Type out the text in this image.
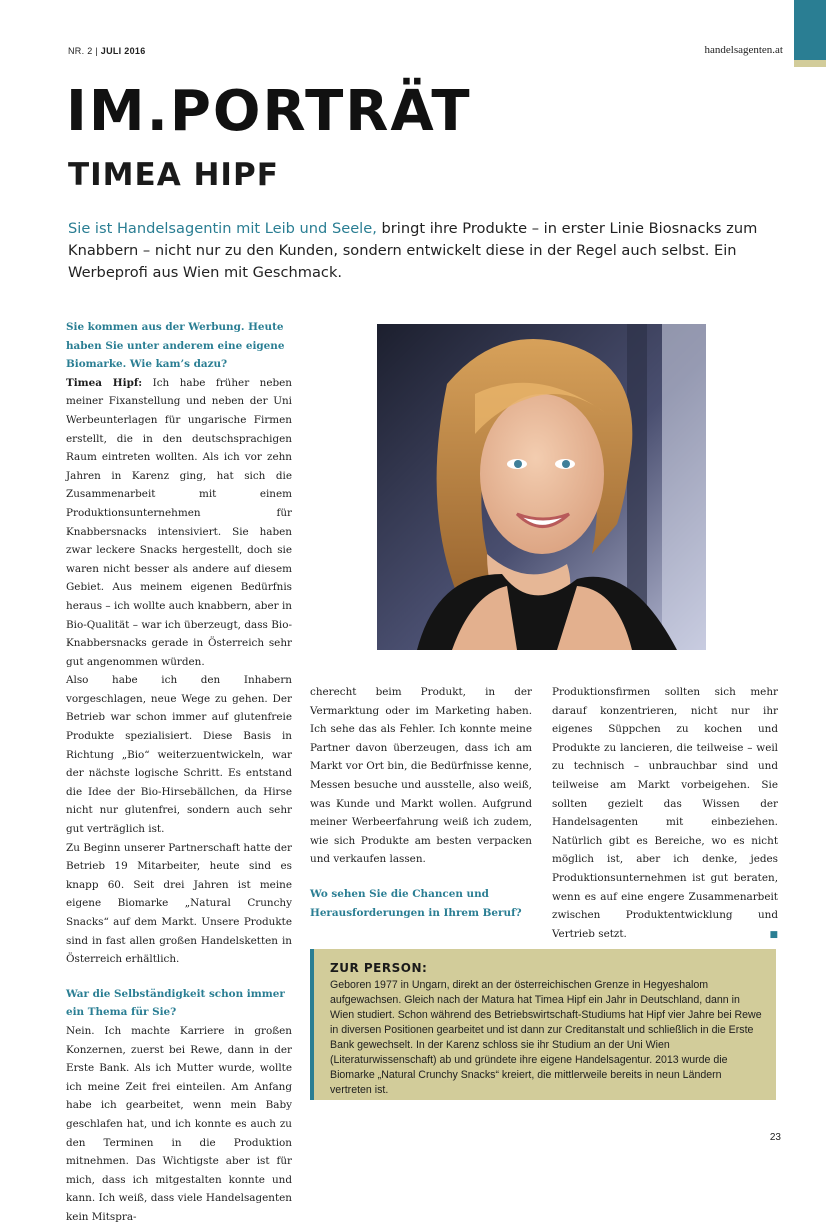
NR. 2 | JULI 2016	handelsagenten.at
IM.PORTRÄT
TIMEA HIPF

Sie ist Handelsagentin mit Leib und Seele, bringt ihre Produkte – in erster Linie Biosnacks zum Knabbern – nicht nur zu den Kunden, sondern entwickelt diese in der Regel auch selbst. Ein Werbeprofi aus Wien mit Geschmack.

Sie kommen aus der Werbung. Heute haben Sie unter anderem eine eigene Biomarke. Wie kam’s dazu?

Timea Hipf: Ich habe früher neben meiner Fixanstellung und neben der Uni Werbeunterlagen für ungarische Firmen erstellt, die in den deutschsprachigen Raum eintreten wollten. Als ich vor zehn Jahren in Karenz ging, hat sich die Zusammenarbeit mit einem Produktionsunternehmen für Knabbersnacks intensiviert. Sie haben zwar leckere Snacks hergestellt, doch sie waren nicht besser als andere auf diesem Gebiet. Aus meinem eigenen Bedürfnis heraus – ich wollte auch knabbern, aber in Bio-Qualität – war ich überzeugt, dass Bio-Knabbersnacks gerade in Österreich sehr gut angenommen würden.

Also habe ich den Inhabern vorgeschlagen, neue Wege zu gehen. Der Betrieb war schon immer auf glutenfreie Produkte spezialisiert. Diese Basis in Richtung „Bio“ weiterzuentwickeln, war der nächste logische Schritt. Es entstand die Idee der Bio-Hirsebällchen, da Hirse nicht nur glutenfrei, sondern auch sehr gut verträglich ist.

Zu Beginn unserer Partnerschaft hatte der Betrieb 19 Mitarbeiter, heute sind es knapp 60. Seit drei Jahren ist meine eigene Biomarke „Natural Crunchy Snacks“ auf dem Markt. Unsere Produkte sind in fast allen großen Handelsketten in Österreich erhältlich.

War die Selbständigkeit schon immer ein Thema für Sie?

Nein. Ich machte Karriere in großen Konzernen, zuerst bei Rewe, dann in der Erste Bank. Als ich Mutter wurde, wollte ich meine Zeit frei einteilen. Am Anfang habe ich gearbeitet, wenn mein Baby geschlafen hat, und ich konnte es auch zu den Terminen in die Produktion mitnehmen. Das Wichtigste aber ist für mich, dass ich mitgestalten konnte und kann. Ich weiß, dass viele Handelsagenten kein Mitspra-

cherecht beim Produkt, in der Vermarktung oder im Marketing haben. Ich sehe das als Fehler. Ich konnte meine Partner davon überzeugen, dass ich am Markt vor Ort bin, die Bedürfnisse kenne, Messen besuche und ausstelle, also weiß, was Kunde und Markt wollen. Aufgrund meiner Werbeerfahrung weiß ich zudem, wie sich Produkte am besten verpacken und verkaufen lassen.

Wo sehen Sie die Chancen und Herausforderungen in Ihrem Beruf?

Produktionsfirmen sollten sich mehr darauf konzentrieren, nicht nur ihr eigenes Süppchen zu kochen und Produkte zu lancieren, die teilweise – weil zu technisch – unbrauchbar sind und teilweise am Markt vorbeigehen. Sie sollten gezielt das Wissen der Handelsagenten mit einbeziehen. Natürlich gibt es Bereiche, wo es nicht möglich ist, aber ich denke, jedes Produktionsunternehmen ist gut beraten, wenn es auf eine engere Zusammenarbeit zwischen Produktentwicklung und Vertrieb setzt.	■
ZUR PERSON:

Geboren 1977 in Ungarn, direkt an der österreichischen Grenze in Hegyeshalom aufgewachsen. Gleich nach der Matura hat Timea Hipf ein Jahr in Deutschland, dann in Wien studiert. Schon während des Betriebswirtschaft-Studiums hat Hipf vier Jahre bei Rewe in diversen Positionen gearbeitet und ist dann zur Creditanstalt und schließlich in die Erste Bank gewechselt. In der Karenz schloss sie ihr Studium an der Uni Wien (Literaturwissenschaft) ab und gründete ihre eigene Handelsagentur. 2013 wurde die Biomarke „Natural Crunchy Snacks“ kreiert, die mittlerweile bereits in neun Ländern vertreten ist.

23
